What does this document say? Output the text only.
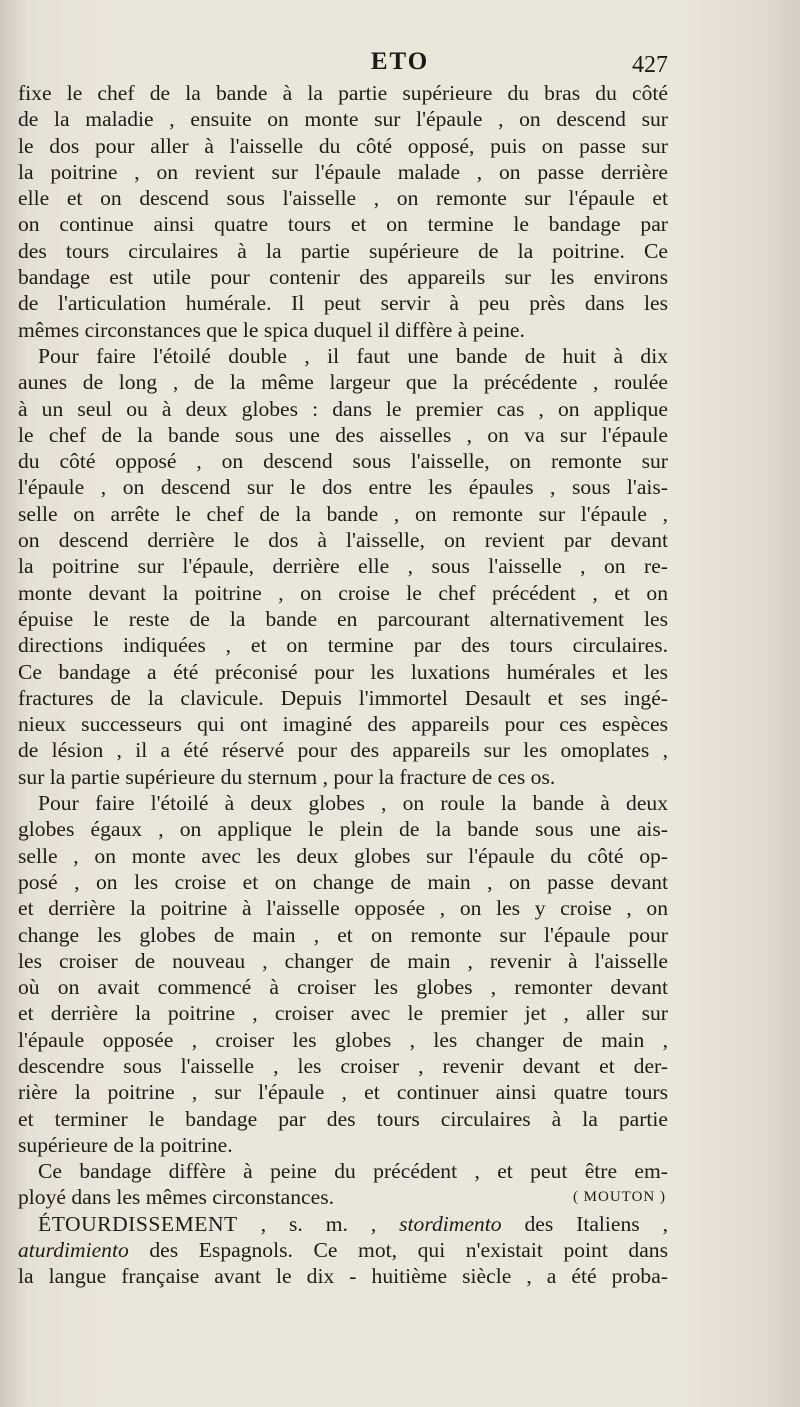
ETO	427
fixe le chef de la bande à la partie supérieure du bras du côté
de la maladie , ensuite on monte sur l'épaule , on descend sur
le dos pour aller à l'aisselle du côté opposé, puis on passe sur
la poitrine , on revient sur l'épaule malade , on passe derrière
elle et on descend sous l'aisselle , on remonte sur l'épaule et
on continue ainsi quatre tours et on termine le bandage par
des tours circulaires à la partie supérieure de la poitrine. Ce
bandage est utile pour contenir des appareils sur les environs
de l'articulation humérale. Il peut servir à peu près dans les
mêmes circonstances que le spica duquel il diffère à peine.
Pour faire l'étoilé double , il faut une bande de huit à dix
aunes de long , de la même largeur que la précédente , roulée
à un seul ou à deux globes : dans le premier cas , on applique
le chef de la bande sous une des aisselles , on va sur l'épaule
du côté opposé , on descend sous l'aisselle, on remonte sur
l'épaule , on descend sur le dos entre les épaules , sous l'ais-
selle on arrête le chef de la bande , on remonte sur l'épaule ,
on descend derrière le dos à l'aisselle, on revient par devant
la poitrine sur l'épaule, derrière elle , sous l'aisselle , on re-
monte devant la poitrine , on croise le chef précédent , et on
épuise le reste de la bande en parcourant alternativement les
directions indiquées , et on termine par des tours circulaires.
Ce bandage a été préconisé pour les luxations humérales et les
fractures de la clavicule. Depuis l'immortel Desault et ses ingé-
nieux successeurs qui ont imaginé des appareils pour ces espèces
de lésion , il a été réservé pour des appareils sur les omoplates ,
sur la partie supérieure du sternum , pour la fracture de ces os.
Pour faire l'étoilé à deux globes , on roule la bande à deux
globes égaux , on applique le plein de la bande sous une ais-
selle , on monte avec les deux globes sur l'épaule du côté op-
posé , on les croise et on change de main , on passe devant
et derrière la poitrine à l'aisselle opposée , on les y croise , on
change les globes de main , et on remonte sur l'épaule pour
les croiser de nouveau , changer de main , revenir à l'aisselle
où on avait commencé à croiser les globes , remonter devant
et derrière la poitrine , croiser avec le premier jet , aller sur
l'épaule opposée , croiser les globes , les changer de main ,
descendre sous l'aisselle , les croiser , revenir devant et der-
rière la poitrine , sur l'épaule , et continuer ainsi quatre tours
et terminer le bandage par des tours circulaires à la partie
supérieure de la poitrine.
Ce bandage diffère à peine du précédent , et peut être em-
ployé dans les mêmes circonstances.	( MOUTON )
ÉTOURDISSEMENT , s. m. , stordimento des Italiens ,
aturdimiento des Espagnols. Ce mot, qui n'existait point dans
la langue française avant le dix - huitième siècle , a été proba-
